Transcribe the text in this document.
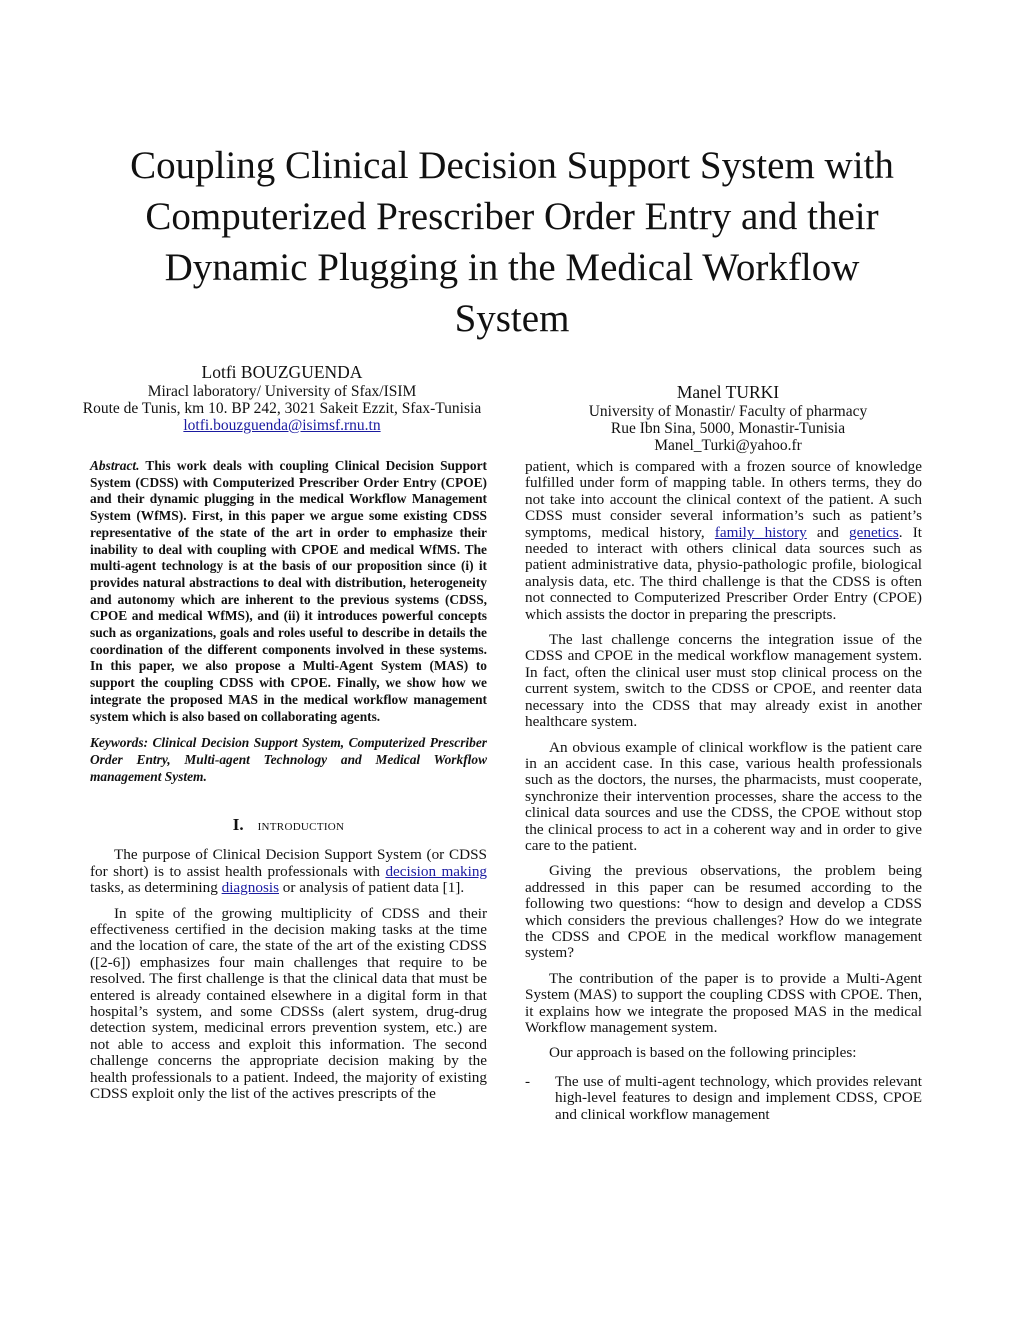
Coupling Clinical Decision Support System with
Computerized Prescriber Order Entry and their
Dynamic Plugging in the Medical Workflow
System
Lotfi BOUZGUENDA
Miracl laboratory/ University of Sfax/ISIM
Route de Tunis, km 10. BP 242, 3021 Sakeit Ezzit, Sfax-Tunisia
lotfi.bouzguenda@isimsf.rnu.tn
Manel TURKI
University of Monastir/ Faculty of pharmacy
Rue Ibn Sina, 5000, Monastir-Tunisia
Manel_Turki@yahoo.fr

Abstract. This work deals with coupling Clinical Decision Support System (CDSS) with Computerized Prescriber Order Entry (CPOE) and their dynamic plugging in the medical Workflow Management System (WfMS). First, in this paper we argue some existing CDSS representative of the state of the art in order to emphasize their inability to deal with coupling with CPOE and medical WfMS. The multi-agent technology is at the basis of our proposition since (i) it provides natural abstractions to deal with distribution, heterogeneity and autonomy which are inherent to the previous systems (CDSS, CPOE and medical WfMS), and (ii) it introduces powerful concepts such as organizations, goals and roles useful to describe in details the coordination of the different components involved in these systems. In this paper, we also propose a Multi-Agent System (MAS) to support the coupling CDSS with CPOE. Finally, we show how we integrate the proposed MAS in the medical workflow management system which is also based on collaborating agents.

Keywords: Clinical Decision Support System, Computerized Prescriber Order Entry, Multi-agent Technology and Medical Workflow management System.

I. INTRODUCTION

The purpose of Clinical Decision Support System (or CDSS for short) is to assist health professionals with decision making tasks, as determining diagnosis or analysis of patient data [1].

In spite of the growing multiplicity of CDSS and their effectiveness certified in the decision making tasks at the time and the location of care, the state of the art of the existing CDSS ([2-6]) emphasizes four main challenges that require to be resolved. The first challenge is that the clinical data that must be entered is already contained elsewhere in a digital form in that hospital’s system, and some CDSSs (alert system, drug-drug detection system, medicinal errors prevention system, etc.) are not able to access and exploit this information. The second challenge concerns the appropriate decision making by the health professionals to a patient. Indeed, the majority of existing CDSS exploit only the list of the actives prescripts of the

patient, which is compared with a frozen source of knowledge fulfilled under form of mapping table. In others terms, they do not take into account the clinical context of the patient. A such CDSS must consider several information’s such as patient’s symptoms, medical history, family history and genetics. It needed to interact with others clinical data sources such as patient administrative data, physio-pathologic profile, biological analysis data, etc. The third challenge is that the CDSS is often not connected to Computerized Prescriber Order Entry (CPOE) which assists the doctor in preparing the prescripts.

The last challenge concerns the integration issue of the CDSS and CPOE in the medical workflow management system. In fact, often the clinical user must stop clinical process on the current system, switch to the CDSS or CPOE, and reenter data necessary into the CDSS that may already exist in another healthcare system.

An obvious example of clinical workflow is the patient care in an accident case. In this case, various health professionals such as the doctors, the nurses, the pharmacists, must cooperate, synchronize their intervention processes, share the access to the clinical data sources and use the CDSS, the CPOE without stop the clinical process to act in a coherent way and in order to give care to the patient.

Giving the previous observations, the problem being addressed in this paper can be resumed according to the following two questions: “how to design and develop a CDSS which considers the previous challenges? How do we integrate the CDSS and CPOE in the medical workflow management system?

The contribution of the paper is to provide a Multi-Agent System (MAS) to support the coupling CDSS with CPOE. Then, it explains how we integrate the proposed MAS in the medical Workflow management system.

Our approach is based on the following principles:

-	The use of multi-agent technology, which provides relevant high-level features to design and implement CDSS, CPOE and clinical workflow management
